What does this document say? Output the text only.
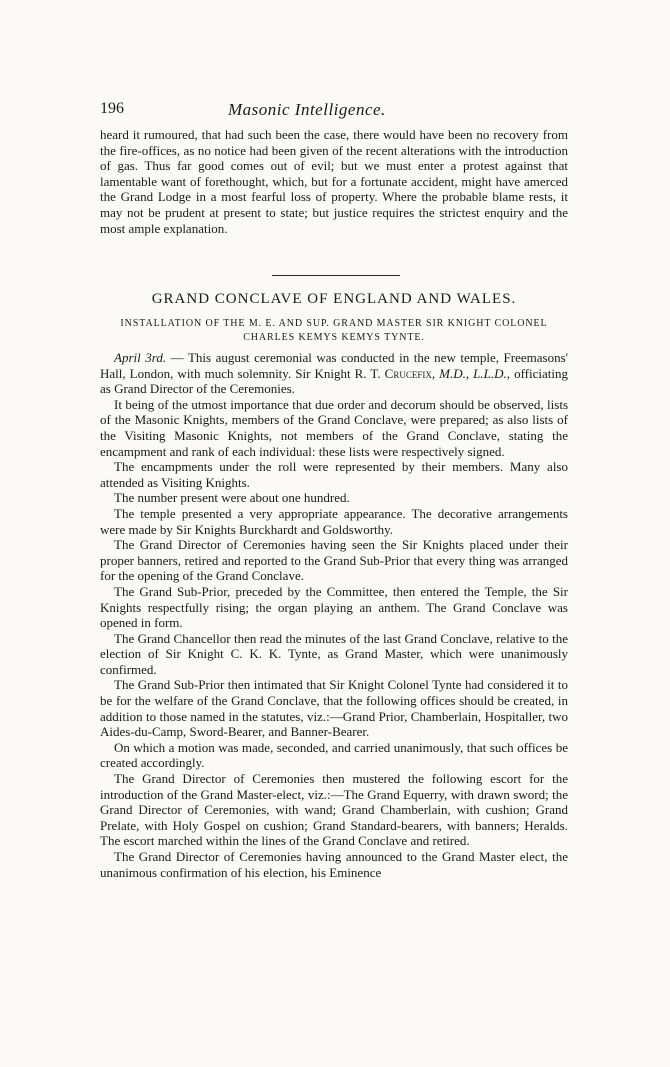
196	Masonic Intelligence.

heard it rumoured, that had such been the case, there would have been no recovery from the fire-offices, as no notice had been given of the recent alterations with the introduction of gas. Thus far good comes out of evil; but we must enter a protest against that lamentable want of forethought, which, but for a fortunate accident, might have amerced the Grand Lodge in a most fearful loss of property. Where the probable blame rests, it may not be prudent at present to state; but justice requires the strictest enquiry and the most ample explanation.

GRAND CONCLAVE OF ENGLAND AND WALES.
INSTALLATION OF THE M. E. AND SUP. GRAND MASTER SIR KNIGHT COLONEL CHARLES KEMYS KEMYS TYNTE.

April 3rd. — This august ceremonial was conducted in the new temple, Freemasons' Hall, London, with much solemnity. Sir Knight R. T. Crucefix, M.D., L.L.D., officiating as Grand Director of the Ceremonies.

It being of the utmost importance that due order and decorum should be observed, lists of the Masonic Knights, members of the Grand Conclave, were prepared; as also lists of the Visiting Masonic Knights, not members of the Grand Conclave, stating the encampment and rank of each individual: these lists were respectively signed.

The encampments under the roll were represented by their members. Many also attended as Visiting Knights.

The number present were about one hundred.

The temple presented a very appropriate appearance. The decorative arrangements were made by Sir Knights Burckhardt and Goldsworthy.

The Grand Director of Ceremonies having seen the Sir Knights placed under their proper banners, retired and reported to the Grand Sub-Prior that every thing was arranged for the opening of the Grand Conclave.

The Grand Sub-Prior, preceded by the Committee, then entered the Temple, the Sir Knights respectfully rising; the organ playing an anthem. The Grand Conclave was opened in form.

The Grand Chancellor then read the minutes of the last Grand Conclave, relative to the election of Sir Knight C. K. K. Tynte, as Grand Master, which were unanimously confirmed.

The Grand Sub-Prior then intimated that Sir Knight Colonel Tynte had considered it to be for the welfare of the Grand Conclave, that the following offices should be created, in addition to those named in the statutes, viz.:—Grand Prior, Chamberlain, Hospitaller, two Aides-du-Camp, Sword-Bearer, and Banner-Bearer.

On which a motion was made, seconded, and carried unanimously, that such offices be created accordingly.

The Grand Director of Ceremonies then mustered the following escort for the introduction of the Grand Master-elect, viz.:—The Grand Equerry, with drawn sword; the Grand Director of Ceremonies, with wand; Grand Chamberlain, with cushion; Grand Prelate, with Holy Gospel on cushion; Grand Standard-bearers, with banners; Heralds. The escort marched within the lines of the Grand Conclave and retired.

The Grand Director of Ceremonies having announced to the Grand Master elect, the unanimous confirmation of his election, his Eminence
